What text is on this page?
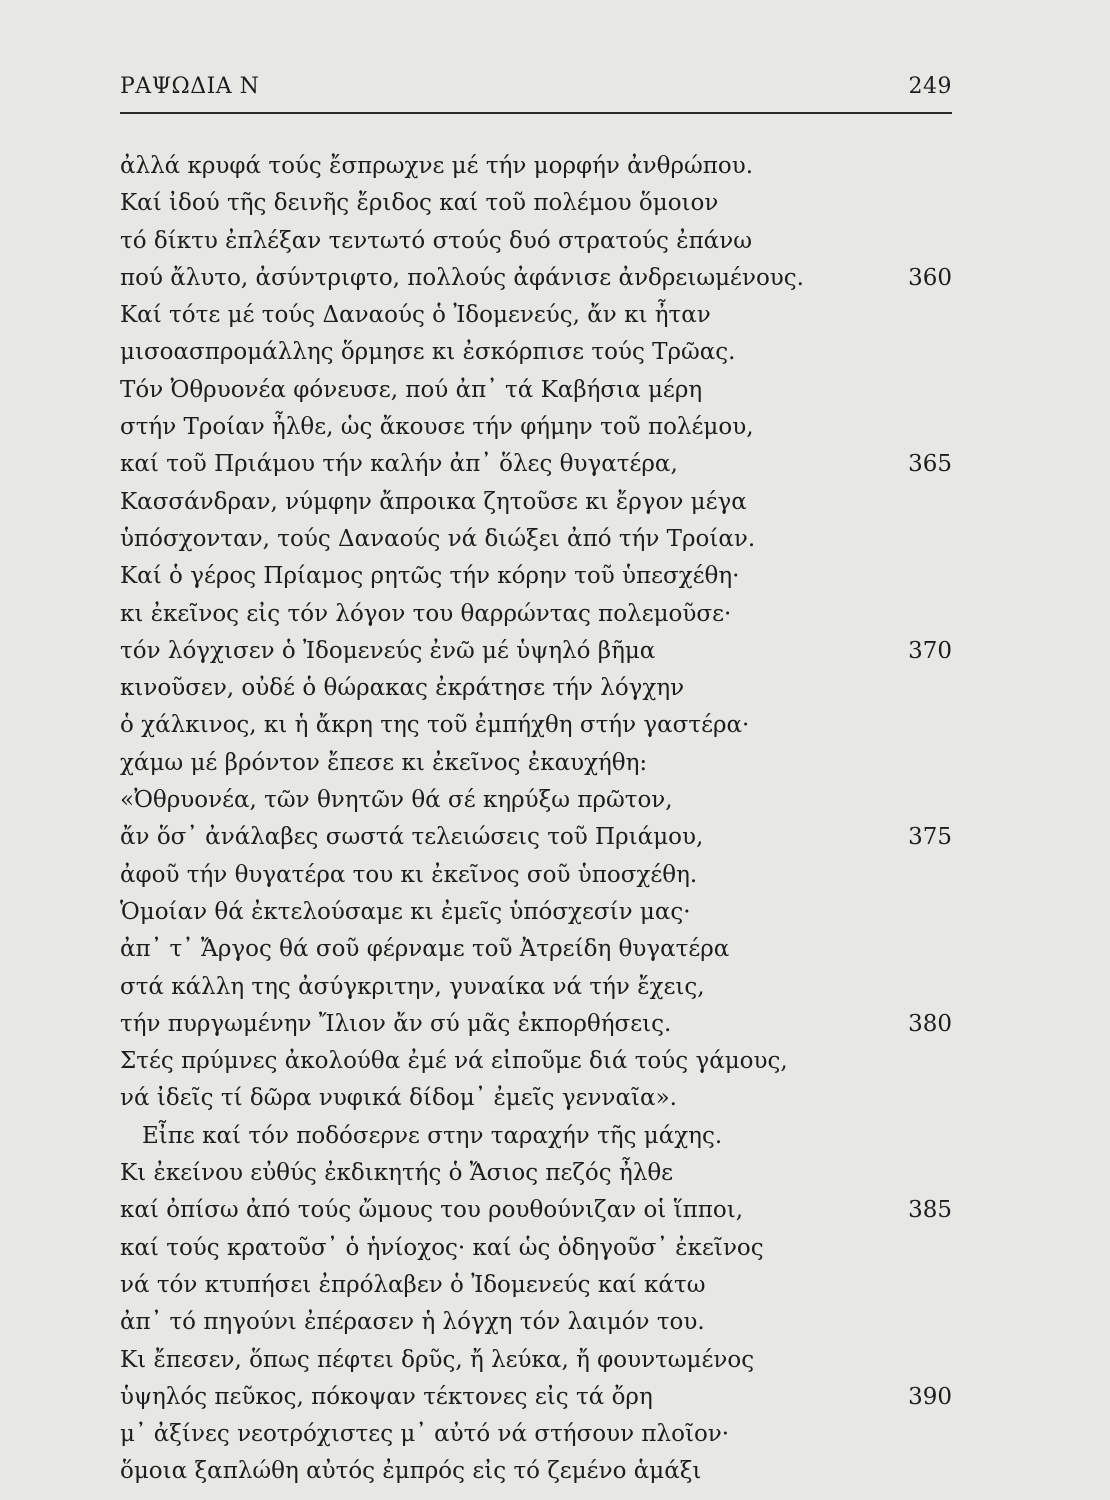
ΡΑΨΩΔΙΑ Ν	249
ἀλλά κρυφά τούς ἔσπρωχνε μέ τήν μορφήν ἀνθρώπου.
Καί ἰδού τῆς δεινῆς ἔριδος καί τοῦ πολέμου ὅμοιον
τό δίκτυ ἐπλέξαν τεντωτό στούς δυό στρατούς ἐπάνω
πού ἄλυτο, ἀσύντριφτο, πολλούς ἀφάνισε ἀνδρειωμένους.	360
Καί τότε μέ τούς Δαναούς ὁ Ἰδομενεύς, ἄν κι ἦταν
μισοασπρομάλλης ὅρμησε κι ἐσκόρπισε τούς Τρῶας.
Τόν Ὀθρυονέα φόνευσε, πού ἀπ᾽ τά Καβήσια μέρη
στήν Τροίαν ἦλθε, ὡς ἄκουσε τήν φήμην τοῦ πολέμου,
καί τοῦ Πριάμου τήν καλήν ἀπ᾽ ὅλες θυγατέρα,	365
Κασσάνδραν, νύμφην ἄπροικα ζητοῦσε κι ἔργον μέγα
ὑπόσχονταν, τούς Δαναούς νά διώξει ἀπό τήν Τροίαν.
Καί ὁ γέρος Πρίαμος ρητῶς τήν κόρην τοῦ ὑπεσχέθη·
κι ἐκεῖνος εἰς τόν λόγον του θαρρώντας πολεμοῦσε·
τόν λόγχισεν ὁ Ἰδομενεύς ἐνῶ μέ ὑψηλό βῆμα	370
κινοῦσεν, οὐδέ ὁ θώρακας ἐκράτησε τήν λόγχην
ὁ χάλκινος, κι ἡ ἄκρη της τοῦ ἐμπήχθη στήν γαστέρα·
χάμω μέ βρόντον ἔπεσε κι ἐκεῖνος ἐκαυχήθη:
«Ὀθρυονέα, τῶν θνητῶν θά σέ κηρύξω πρῶτον,
ἄν ὅσ᾽ ἀνάλαβες σωστά τελειώσεις τοῦ Πριάμου,	375
ἀφοῦ τήν θυγατέρα του κι ἐκεῖνος σοῦ ὑποσχέθη.
Ὁμοίαν θά ἐκτελούσαμε κι ἐμεῖς ὑπόσχεσίν μας·
ἀπ᾽ τ᾽ Ἄργος θά σοῦ φέρναμε τοῦ Ἀτρείδη θυγατέρα
στά κάλλη της ἀσύγκριτην, γυναίκα νά τήν ἔχεις,
τήν πυργωμένην Ἴλιον ἄν σύ μᾶς ἐκπορθήσεις.	380
Στές πρύμνες ἀκολούθα ἐμέ νά εἰποῦμε διά τούς γάμους,
νά ἰδεῖς τί δῶρα νυφικά δίδομ᾽ ἐμεῖς γενναῖα».
Εἶπε καί τόν ποδόσερνε στην ταραχήν τῆς μάχης.
Κι ἐκείνου εὐθύς ἐκδικητής ὁ Ἄσιος πεζός ἦλθε
καί ὀπίσω ἀπό τούς ὤμους του ρουθούνιζαν οἱ ἵπποι,	385
καί τούς κρατοῦσ᾽ ὁ ἡνίοχος· καί ὡς ὁδηγοῦσ᾽ ἐκεῖνος
νά τόν κτυπήσει ἐπρόλαβεν ὁ Ἰδομενεύς καί κάτω
ἀπ᾽ τό πηγούνι ἐπέρασεν ἡ λόγχη τόν λαιμόν του.
Κι ἔπεσεν, ὅπως πέφτει δρῦς, ἤ λεύκα, ἤ φουντωμένος
ὑψηλός πεῦκος, πόκοψαν τέκτονες εἰς τά ὄρη	390
μ᾽ ἀξίνες νεοτρόχιστες μ᾽ αὐτό νά στήσουν πλοῖον·
ὅμοια ξαπλώθη αὐτός ἐμπρός εἰς τό ζεμένο ἁμάξι
